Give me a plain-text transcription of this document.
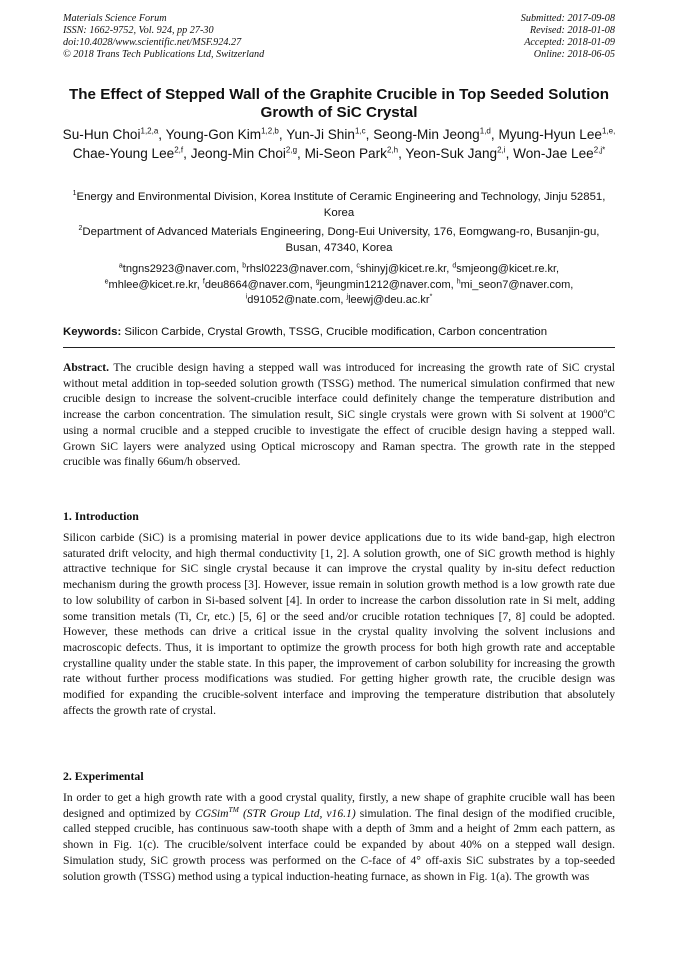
Materials Science Forum
ISSN: 1662-9752, Vol. 924, pp 27-30
doi:10.4028/www.scientific.net/MSF.924.27
© 2018 Trans Tech Publications Ltd, Switzerland
Submitted: 2017-09-08
Revised: 2018-01-08
Accepted: 2018-01-09
Online: 2018-06-05
The Effect of Stepped Wall of the Graphite Crucible in Top Seeded Solution Growth of SiC Crystal
Su-Hun Choi$^{1,2,a}$, Young-Gon Kim$^{1,2,b}$, Yun-Ji Shin$^{1,c}$, Seong-Min Jeong$^{1,d}$, Myung-Hyun Lee$^{1,e,}$ Chae-Young Lee$^{2,f}$, Jeong-Min Choi$^{2,g}$, Mi-Seon Park$^{2,h}$, Yeon-Suk Jang$^{2,i}$, Won-Jae Lee$^{2,j*}$
$^1$Energy and Environmental Division, Korea Institute of Ceramic Engineering and Technology, Jinju 52851, Korea
$^2$Department of Advanced Materials Engineering, Dong-Eui University, 176, Eomgwang-ro, Busanjin-gu, Busan, 47340, Korea
$^a$tngns2923@naver.com, $^b$rhsl0223@naver.com, $^c$shinyj@kicet.re.kr, $^d$smjeong@kicet.re.kr, $^e$mhlee@kicet.re.kr, $^f$deu8664@naver.com, $^g$jeungmin1212@naver.com, $^h$mi_seon7@naver.com, $^i$d91052@nate.com, $^j$leewj@deu.ac.kr*
Keywords: Silicon Carbide, Crystal Growth, TSSG, Crucible modification, Carbon concentration
Abstract. The crucible design having a stepped wall was introduced for increasing the growth rate of SiC crystal without metal addition in top-seeded solution growth (TSSG) method. The numerical simulation confirmed that new crucible design to increase the solvent-crucible interface could definitely change the temperature distribution and increase the carbon concentration. The simulation result, SiC single crystals were grown with Si solvent at 1900$^o$C using a normal crucible and a stepped crucible to investigate the effect of crucible design having a stepped wall. Grown SiC layers were analyzed using Optical microscopy and Raman spectra. The growth rate in the stepped crucible was finally 66um/h observed.
1. Introduction
Silicon carbide (SiC) is a promising material in power device applications due to its wide band-gap, high electron saturated drift velocity, and high thermal conductivity [1, 2]. A solution growth, one of SiC growth method is highly attractive technique for SiC single crystal because it can improve the crystal quality by in-situ defect reduction mechanism during the growth process [3]. However, issue remain in solution growth method is a low growth rate due to low solubility of carbon in Si-based solvent [4]. In order to increase the carbon dissolution rate in Si melt, adding some transition metals (Ti, Cr, etc.) [5, 6] or the seed and/or crucible rotation techniques [7, 8] could be adopted. However, these methods can drive a critical issue in the crystal quality involving the solvent inclusions and macroscopic defects. Thus, it is important to optimize the growth process for both high growth rate and acceptable crystalline quality under the stable state. In this paper, the improvement of carbon solubility for increasing the growth rate without further process modifications was studied. For getting higher growth rate, the crucible design was modified for expanding the crucible-solvent interface and improving the temperature distribution that absolutely affects the growth rate of crystal.
2. Experimental
In order to get a high growth rate with a good crystal quality, firstly, a new shape of graphite crucible wall has been designed and optimized by CGSim™ (STR Group Ltd, v16.1) simulation. The final design of the modified crucible, called stepped crucible, has continuous saw-tooth shape with a depth of 3mm and a height of 2mm each pattern, as shown in Fig. 1(c). The crucible/solvent interface could be expanded by about 40% on a stepped wall design. Simulation study, SiC growth process was performed on the C-face of 4° off-axis SiC substrates by a top-seeded solution growth (TSSG) method using a typical induction-heating furnace, as shown in Fig. 1(a). The growth was
